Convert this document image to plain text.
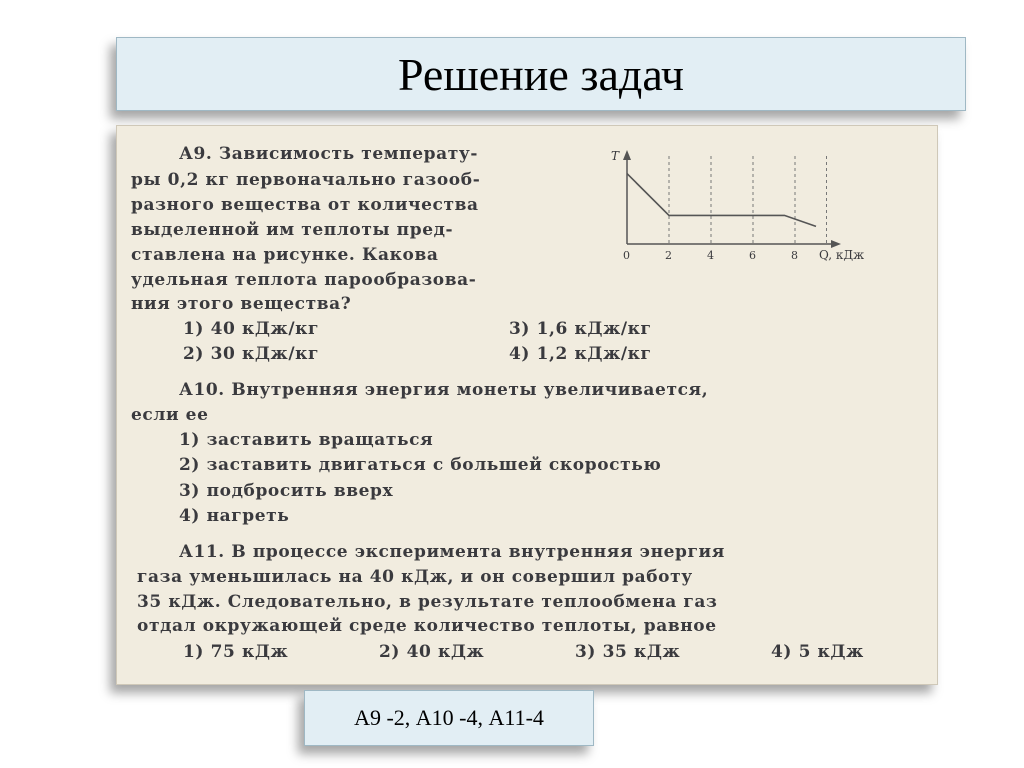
Решение задач
А9. Зависимость температу-
ры 0,2 кг первоначально газооб-
разного вещества от количества
выделенной им теплоты пред-
ставлена на рисунке. Какова
удельная теплота парообразова-
ния этого вещества?
1) 40 кДж/кг
2) 30 кДж/кг
3) 1,6 кДж/кг
4) 1,2 кДж/кг
T
Q, кДж
0	2	4	6	8
А10. Внутренняя энергия монеты увеличивается,
если ее
1) заставить вращаться
2) заставить двигаться с большей скоростью
3) подбросить вверх
4) нагреть
А11. В процессе эксперимента внутренняя энергия
газа уменьшилась на 40 кДж, и он совершил работу
35 кДж. Следовательно, в результате теплообмена газ
отдал окружающей среде количество теплоты, равное
1) 75 кДж	2) 40 кДж	3) 35 кДж	4) 5 кДж
А9 -2, А10 -4, А11-4
